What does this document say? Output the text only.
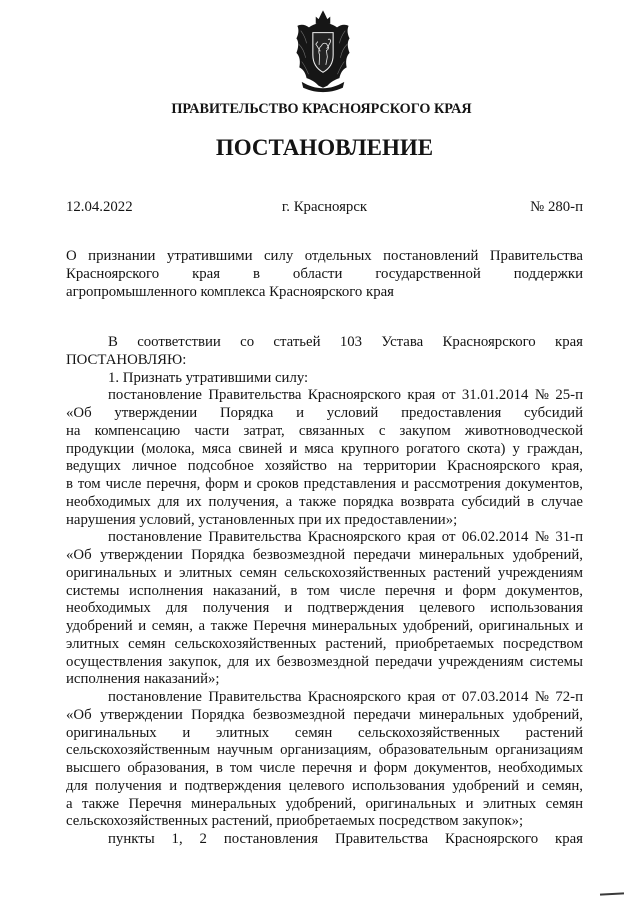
ПРАВИТЕЛЬСТВО КРАСНОЯРСКОГО КРАЯ
ПОСТАНОВЛЕНИЕ
12.04.2022	г. Красноярск	№ 280-п
О признании утратившими силу отдельных постановлений Правительства
Красноярского края в области государственной поддержки
агропромышленного комплекса Красноярского края
В соответствии со статьей 103 Устава Красноярского края
ПОСТАНОВЛЯЮ:
1. Признать утратившими силу:
постановление Правительства Красноярского края от 31.01.2014 № 25-п
«Об утверждении Порядка и условий предоставления субсидий
на компенсацию части затрат, связанных с закупом животноводческой
продукции (молока, мяса свиней и мяса крупного рогатого скота) у граждан,
ведущих личное подсобное хозяйство на территории Красноярского края,
в том числе перечня, форм и сроков представления и рассмотрения документов,
необходимых для их получения, а также порядка возврата субсидий в случае
нарушения условий, установленных при их предоставлении»;
постановление Правительства Красноярского края от 06.02.2014 № 31-п
«Об утверждении Порядка безвозмездной передачи минеральных удобрений,
оригинальных и элитных семян сельскохозяйственных растений учреждениям
системы исполнения наказаний, в том числе перечня и форм документов,
необходимых для получения и подтверждения целевого использования
удобрений и семян, а также Перечня минеральных удобрений, оригинальных и
элитных семян сельскохозяйственных растений, приобретаемых посредством
осуществления закупок, для их безвозмездной передачи учреждениям системы
исполнения наказаний»;
постановление Правительства Красноярского края от 07.03.2014 № 72-п
«Об утверждении Порядка безвозмездной передачи минеральных удобрений,
оригинальных и элитных семян сельскохозяйственных растений
сельскохозяйственным научным организациям, образовательным организациям
высшего образования, в том числе перечня и форм документов, необходимых
для получения и подтверждения целевого использования удобрений и семян,
а также Перечня минеральных удобрений, оригинальных и элитных семян
сельскохозяйственных растений, приобретаемых посредством закупок»;
пункты 1, 2 постановления Правительства Красноярского края
